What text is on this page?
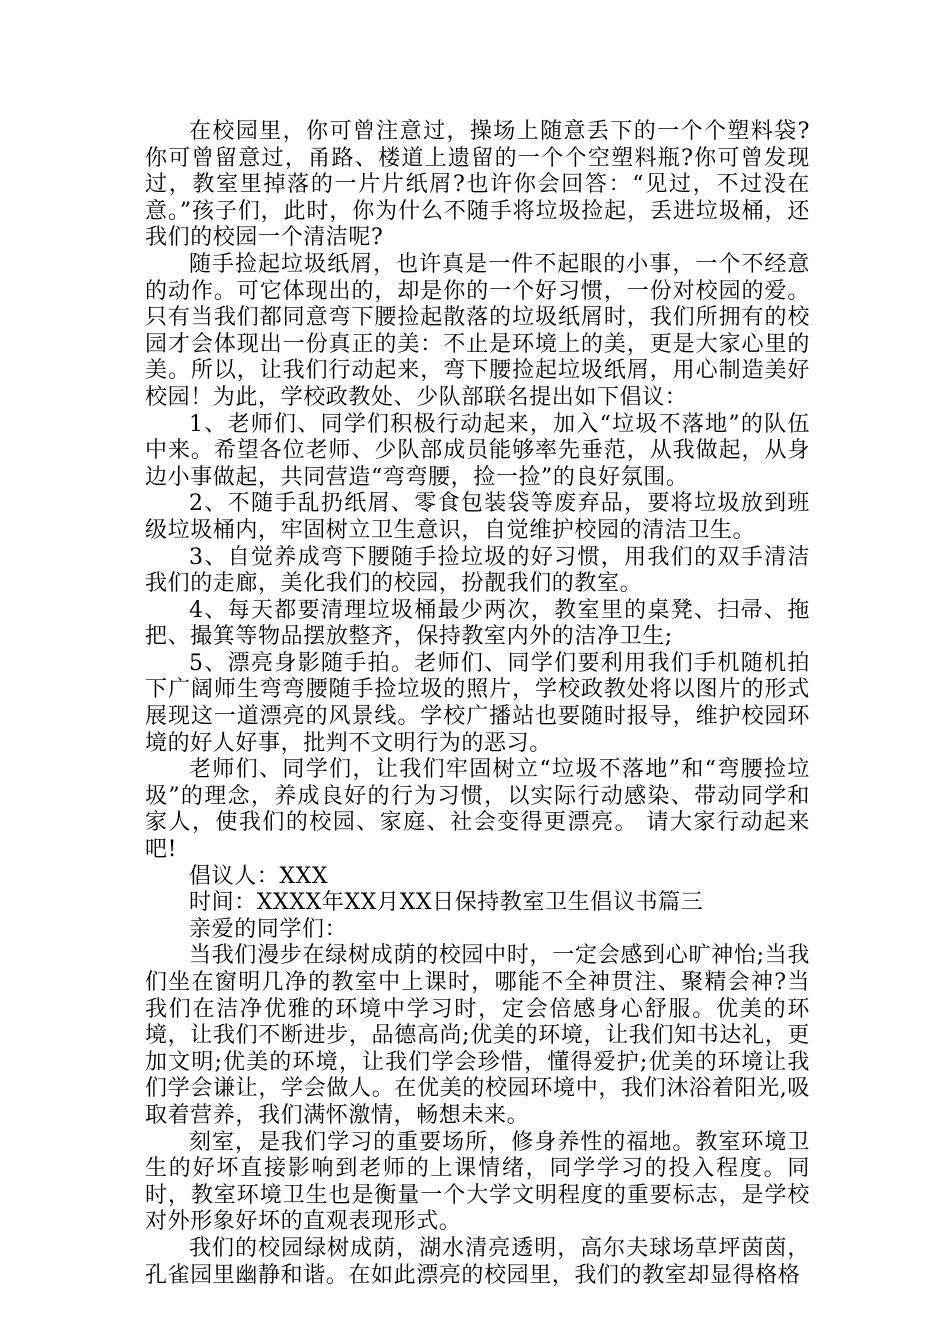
在校园里，你可曾注意过，操场上随意丢下的一个个塑料袋?你可曾留意过，甬路、楼道上遗留的一个个空塑料瓶?你可曾发现过，教室里掉落的一片片纸屑?也许你会回答：“见过，不过没在意。”孩子们，此时，你为什么不随手将垃圾捡起，丢进垃圾桶，还我们的校园一个清洁呢?

随手捡起垃圾纸屑，也许真是一件不起眼的小事，一个不经意的动作。可它体现出的，却是你的一个好习惯，一份对校园的爱。只有当我们都同意弯下腰捡起散落的垃圾纸屑时，我们所拥有的校园才会体现出一份真正的美：不止是环境上的美，更是大家心里的美。所以，让我们行动起来，弯下腰捡起垃圾纸屑，用心制造美好校园！为此，学校政教处、少队部联名提出如下倡议：

1、老师们、同学们积极行动起来，加入“垃圾不落地”的队伍中来。希望各位老师、少队部成员能够率先垂范，从我做起，从身边小事做起，共同营造“弯弯腰，捡一捡”的良好氛围。

2、不随手乱扔纸屑、零食包装袋等废弃品，要将垃圾放到班级垃圾桶内，牢固树立卫生意识，自觉维护校园的清洁卫生。

3、自觉养成弯下腰随手捡垃圾的好习惯，用我们的双手清洁我们的走廊，美化我们的校园，扮靓我们的教室。

4、每天都要清理垃圾桶最少两次，教室里的桌凳、扫帚、拖把、撮箕等物品摆放整齐，保持教室内外的洁净卫生;

5、漂亮身影随手拍。老师们、同学们要利用我们手机随机拍下广阔师生弯弯腰随手捡垃圾的照片，学校政教处将以图片的形式展现这一道漂亮的风景线。学校广播站也要随时报导，维护校园环境的好人好事，批判不文明行为的恶习。

老师们、同学们，让我们牢固树立“垃圾不落地”和“弯腰捡垃圾”的理念，养成良好的行为习惯，以实际行动感染、带动同学和家人，使我们的校园、家庭、社会变得更漂亮。 请大家行动起来吧!

倡议人：XXX

时间：XXXX年XX月XX日保持教室卫生倡议书篇三

亲爱的同学们：

当我们漫步在绿树成荫的校园中时，一定会感到心旷神怡;当我们坐在窗明几净的教室中上课时，哪能不全神贯注、聚精会神?当我们在洁净优雅的环境中学习时，定会倍感身心舒服。优美的环境，让我们不断进步，品德高尚;优美的环境，让我们知书达礼，更加文明;优美的环境，让我们学会珍惜，懂得爱护;优美的环境让我们学会谦让，学会做人。在优美的校园环境中，我们沐浴着阳光,吸取着营养，我们满怀激情，畅想未来。

刻室，是我们学习的重要场所，修身养性的福地。教室环境卫生的好坏直接影响到老师的上课情绪，同学学习的投入程度。同时，教室环境卫生也是衡量一个大学文明程度的重要标志，是学校对外形象好坏的直观表现形式。

我们的校园绿树成荫，湖水清亮透明，高尔夫球场草坪茵茵，孔雀园里幽静和谐。在如此漂亮的校园里，我们的教室却显得格格
